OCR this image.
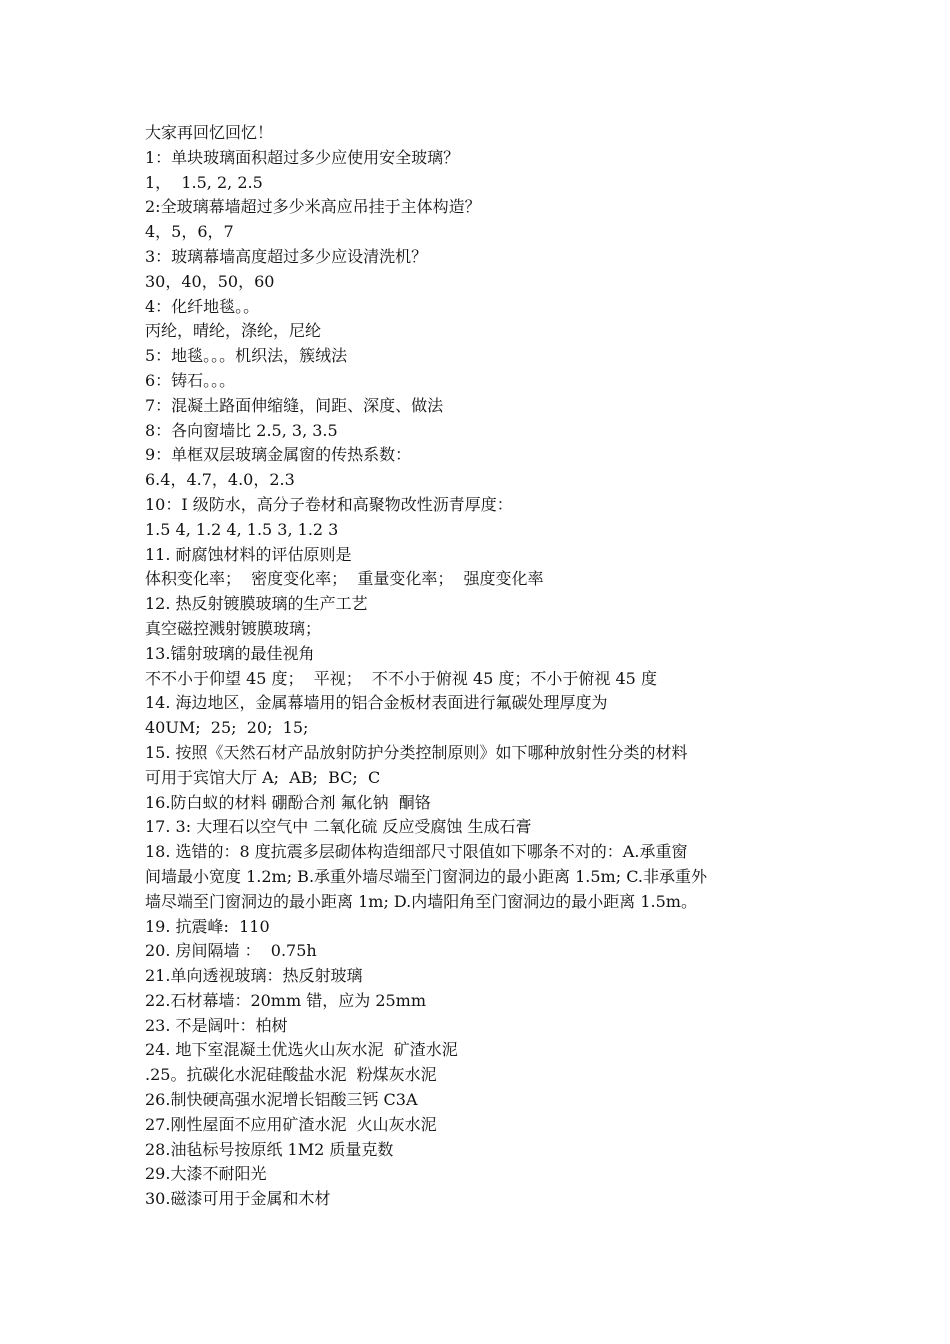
大家再回忆回忆！
1：单块玻璃面积超过多少应使用安全玻璃？
1，  1.5, 2, 2.5
2:全玻璃幕墙超过多少米高应吊挂于主体构造？
4，5，6，7
3：玻璃幕墙高度超过多少应设清洗机？
30，40，50，60
4：化纤地毯。。
丙纶，晴纶，涤纶，尼纶
5：地毯。。。机织法，簇绒法
6：铸石。。。
7：混凝土路面伸缩缝，间距、深度、做法
8：各向窗墙比 2.5, 3, 3.5
9：单框双层玻璃金属窗的传热系数：
6.4，4.7，4.0，2.3
10：I 级防水，高分子卷材和高聚物改性沥青厚度：
1.5 4, 1.2 4, 1.5 3, 1.2 3
11. 耐腐蚀材料的评估原则是
体积变化率；  密度变化率；  重量变化率；  强度变化率
12. 热反射镀膜玻璃的生产工艺
真空磁控溅射镀膜玻璃；
13.镭射玻璃的最佳视角
不不小于仰望 45 度；  平视；  不不小于俯视 45 度；不小于俯视 45 度
14. 海边地区，金属幕墙用的铝合金板材表面进行氟碳处理厚度为
40UM;  25;  20;  15;
15. 按照《天然石材产品放射防护分类控制原则》如下哪种放射性分类的材料
可用于宾馆大厅 A;  AB;  BC;  C
16.防白蚁的材料 硼酚合剂 氟化钠  酮铬
17. 3: 大理石以空气中 二氧化硫 反应受腐蚀 生成石膏
18. 选错的：8 度抗震多层砌体构造细部尺寸限值如下哪条不对的：A.承重窗
间墙最小宽度 1.2m; B.承重外墙尽端至门窗洞边的最小距离 1.5m; C.非承重外
墙尽端至门窗洞边的最小距离 1m; D.内墙阳角至门窗洞边的最小距离 1.5m。
19. 抗震峰:  110
20. 房间隔墙 ：  0.75h
21.单向透视玻璃：热反射玻璃
22.石材幕墙：20mm 错，应为 25mm
23. 不是阔叶：柏树
24. 地下室混凝土优选火山灰水泥  矿渣水泥
.25。抗碳化水泥硅酸盐水泥  粉煤灰水泥
26.制快硬高强水泥增长铝酸三钙 C3A
27.刚性屋面不应用矿渣水泥  火山灰水泥
28.油毡标号按原纸 1M2 质量克数
29.大漆不耐阳光
30.磁漆可用于金属和木材
